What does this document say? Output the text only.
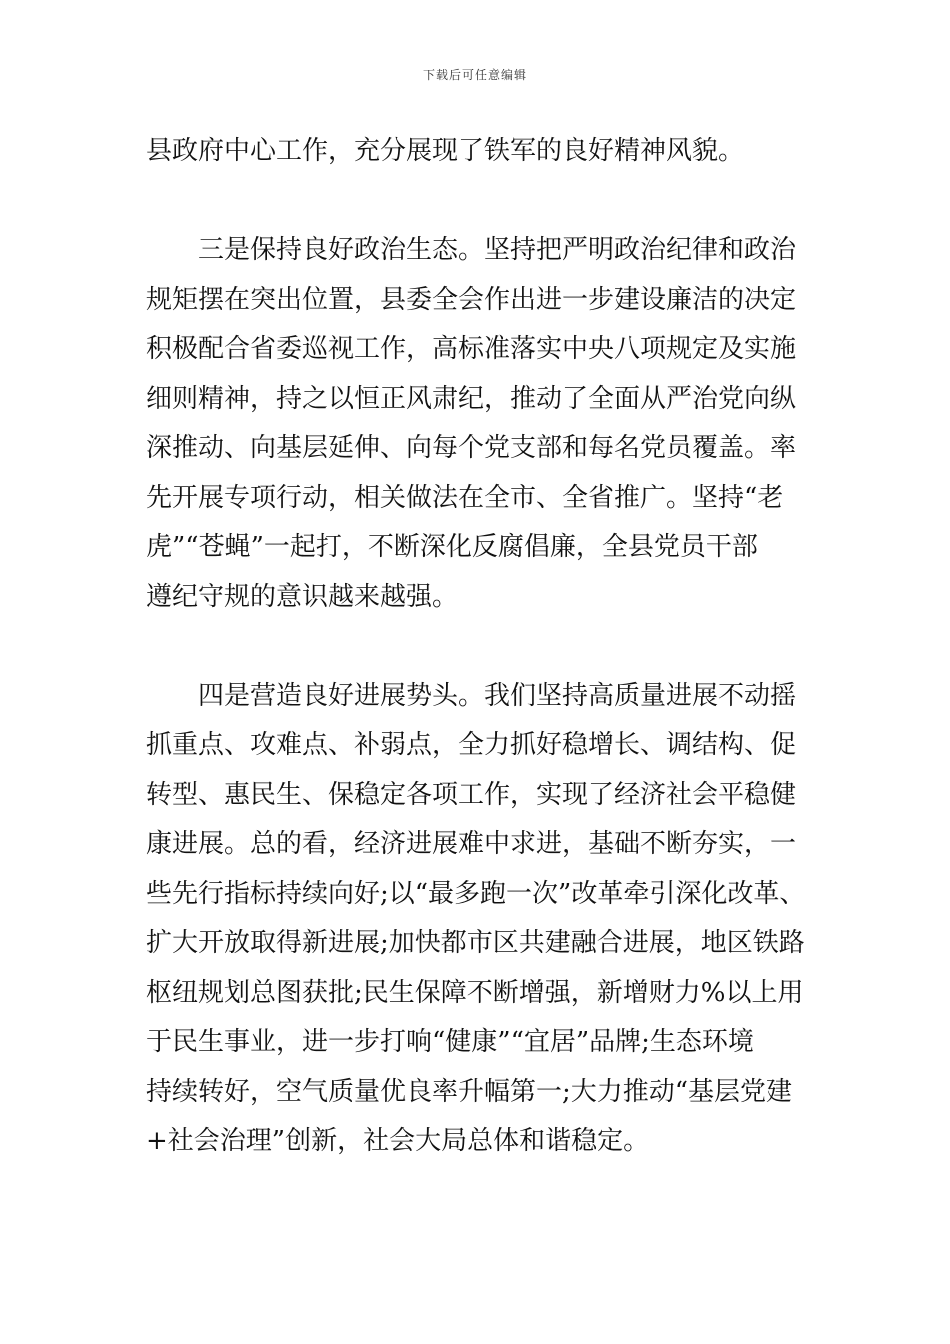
下载后可任意编辑
县政府中心工作，充分展现了铁军的良好精神风貌。
三是保持良好政治生态。坚持把严明政治纪律和政治
规矩摆在突出位置，县委全会作出进一步建设廉洁的决定
积极配合省委巡视工作，高标准落实中央八项规定及实施
细则精神，持之以恒正风肃纪，推动了全面从严治党向纵
深推动、向基层延伸、向每个党支部和每名党员覆盖。率
先开展专项行动，相关做法在全市、全省推广。坚持“老
虎”“苍蝇”一起打，不断深化反腐倡廉，全县党员干部
遵纪守规的意识越来越强。
四是营造良好进展势头。我们坚持高质量进展不动摇
抓重点、攻难点、补弱点，全力抓好稳增长、调结构、促
转型、惠民生、保稳定各项工作，实现了经济社会平稳健
康进展。总的看，经济进展难中求进，基础不断夯实，一
些先行指标持续向好;以“最多跑一次”改革牵引深化改革、
扩大开放取得新进展;加快都市区共建融合进展，地区铁路
枢纽规划总图获批;民生保障不断增强，新增财力%以上用
于民生事业，进一步打响“健康”“宜居”品牌;生态环境
持续转好，空气质量优良率升幅第一;大力推动“基层党建
+社会治理”创新，社会大局总体和谐稳定。
